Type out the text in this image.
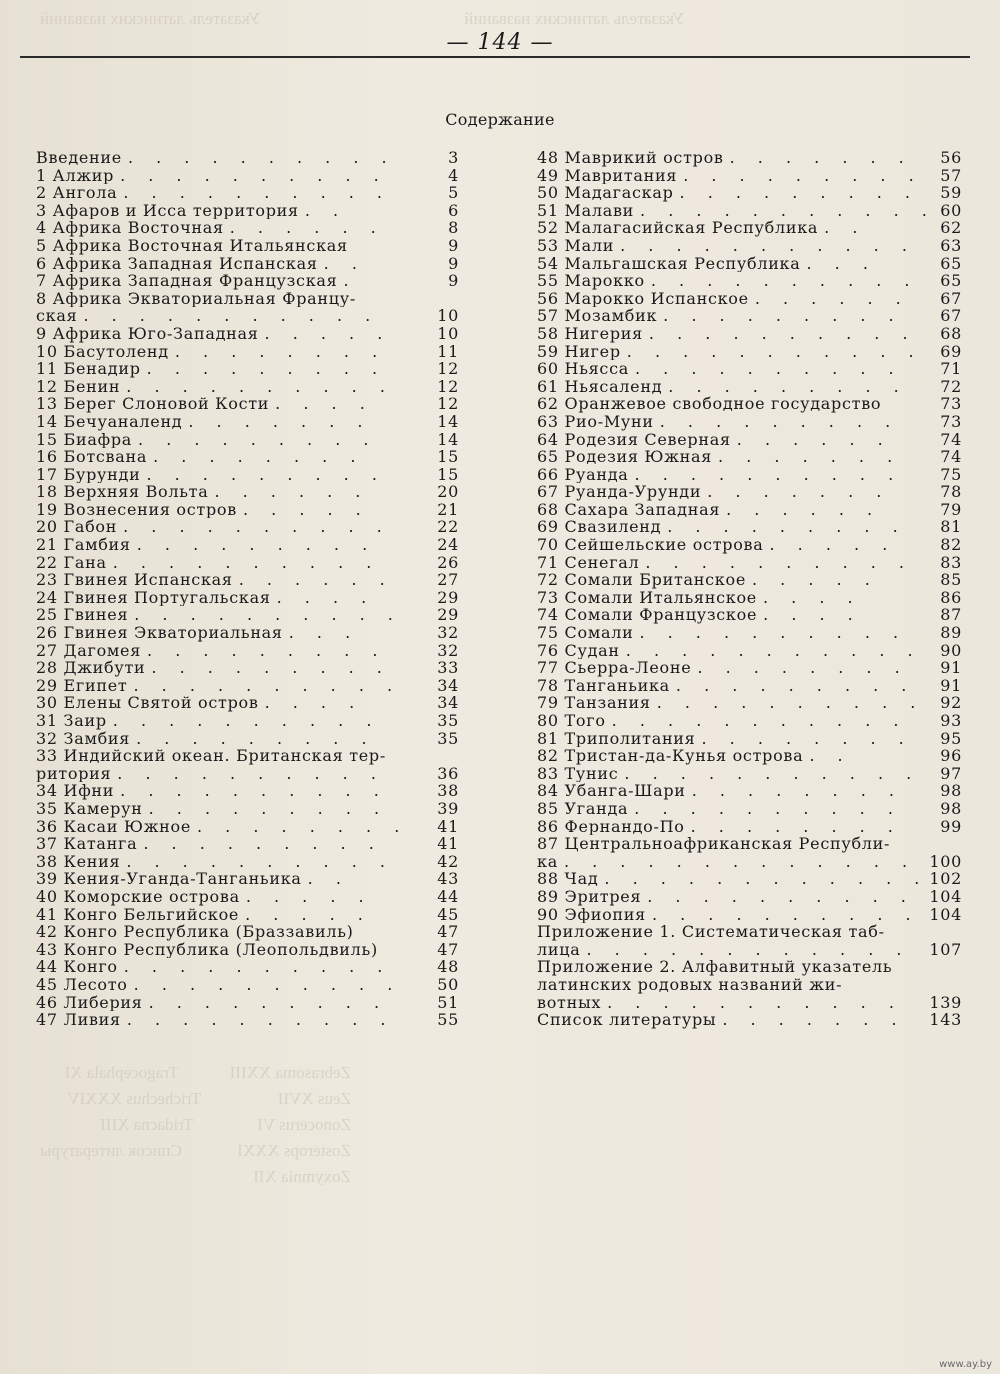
Указатель латинских названий                                                Указатель латинских названий
Zebrasoma XXIII            Tragocephala XI
Zeus XVII                  Trichechus XXXIV
Zonocerus VI               Tridacna XIII
Zosterops XXXI             Список литературы
Zoxymnia XII
— 144 —
Содержание
Введение . . . . . . . . . .	3
1 Алжир . . . . . . . . . .	4
2 Ангола . . . . . . . . . .	5
3 Афаров и Исса территория . .	6
4 Африка Восточная . . . . . .	8
5 Африка Восточная Итальянская	9
6 Африка Западная Испанская . .	9
7 Африка Западная Французская .	9
8 Африка Экваториальная Францу-
ская . . . . . . . . . . .	10
9 Африка Юго-Западная . . . . .	10
10 Басутоленд . . . . . . . .	11
11 Бенадир . . . . . . . . .	12
12 Бенин . . . . . . . . . .	12
13 Берег Слоновой Кости . . . .	12
14 Бечуаналенд . . . . . . .	14
15 Биафра . . . . . . . . .	14
16 Ботсвана . . . . . . . .	15
17 Бурунди . . . . . . . . .	15
18 Верхняя Вольта . . . . . .	20
19 Вознесения остров . . . . .	21
20 Габон . . . . . . . . . .	22
21 Гамбия . . . . . . . . .	24
22 Гана . . . . . . . . . .	26
23 Гвинея Испанская . . . . . .	27
24 Гвинея Португальская . . . .	29
25 Гвинея . . . . . . . . . .	29
26 Гвинея Экваториальная . . .	32
27 Дагомея . . . . . . . . .	32
28 Джибути . . . . . . . . .	33
29 Египет . . . . . . . . . .	34
30 Елены Святой остров . . . .	34
31 Заир . . . . . . . . . .	35
32 Замбия . . . . . . . . .	35
33 Индийский океан. Британская тер-
ритория . . . . . . . . . .	36
34 Ифни . . . . . . . . . .	38
35 Камерун . . . . . . . . .	39
36 Касаи Южное . . . . . . . .	41
37 Катанга . . . . . . . . .	41
38 Кения . . . . . . . . . .	42
39 Кения-Уганда-Танганьика . .	43
40 Коморские острова . . . . .	44
41 Конго Бельгийское . . . . .	45
42 Конго Республика (Браззавиль)	47
43 Конго Республика (Леопольдвиль)	47
44 Конго . . . . . . . . . .	48
45 Лесото . . . . . . . . . .	50
46 Либерия . . . . . . . . .	51
47 Ливия . . . . . . . . . .	55
48 Маврикий остров . . . . . . .	56
49 Мавритания . . . . . . . . .	57
50 Мадагаскар . . . . . . . . .	59
51 Малави . . . . . . . . . . . 60
52 Малагасийская Республика . .	62
53 Мали . . . . . . . . . . .	63
54 Мальгашская Республика . . .	65
55 Марокко . . . . . . . . . .	65
56 Марокко Испанское . . . . . .	67
57 Мозамбик . . . . . . . . .	67
58 Нигерия . . . . . . . . . .	68
59 Нигер . . . . . . . . . . .	69
60 Ньясса . . . . . . . . . .	71
61 Ньясаленд . . . . . . . . .	72
62 Оранжевое свободное государство	73
63 Рио-Муни . . . . . . . . .	73
64 Родезия Северная . . . . . .	74
65 Родезия Южная . . . . . . .	74
66 Руанда . . . . . . . . . .	75
67 Руанда-Урунди . . . . . . .	78
68 Сахара Западная . . . . . .	79
69 Свазиленд . . . . . . . . .	81
70 Сейшельские острова . . . . .	82
71 Сенегал . . . . . . . . . .	83
72 Сомали Британское . . . . .	85
73 Сомали Итальянское . . . .	86
74 Сомали Французское . . . .	87
75 Сомали . . . . . . . . . .	89
76 Судан . . . . . . . . . . .	90
77 Сьерра-Леоне . . . . . . . .	91
78 Танганьика . . . . . . . . .	91
79 Танзания . . . . . . . . . . 92
80 Того . . . . . . . . . . .	93
81 Триполитания . . . . . . . .	95
82 Тристан-да-Кунья острова . .	96
83 Тунис . . . . . . . . . . .	97
84 Убанга-Шари . . . . . . . .	98
85 Уганда . . . . . . . . . .	98
86 Фернандо-По . . . . . . . .	99
87 Центральноафриканская Республи-
ка . . . . . . . . . . . . . 100
88 Чад . . . . . . . . . . . . 102
89 Эритрея . . . . . . . . . . 104
90 Эфиопия . . . . . . . . . . 104
Приложение 1. Систематическая таб-
лица . . . . . . . . . . . .	107
Приложение 2. Алфавитный указатель
латинских родовых названий жи-
вотных . . . . . . . . . . .	139
Список литературы . . . . . . .	143
www.ay.by
